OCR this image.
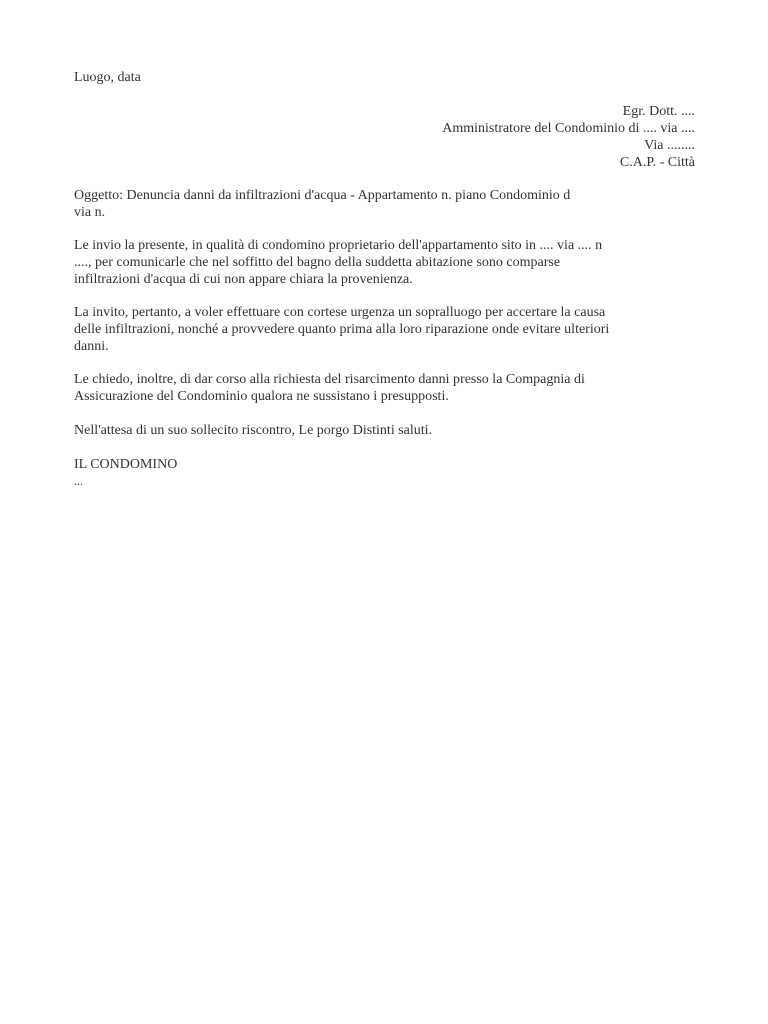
Luogo, data
Egr. Dott. ....
Amministratore del Condominio di .... via ....
Via ........
C.A.P. - Città
Oggetto: Denuncia danni da infiltrazioni d'acqua - Appartamento n. piano Condominio d
via n.
Le invio la presente, in qualità di condomino proprietario dell'appartamento sito in .... via .... n
...., per comunicarle che nel soffitto del bagno della suddetta abitazione sono comparse
infiltrazioni d'acqua di cui non appare chiara la provenienza.
La invito, pertanto, a voler effettuare con cortese urgenza un sopralluogo per accertare la causa
delle infiltrazioni, nonché a provvedere quanto prima alla loro riparazione onde evitare ulteriori
danni.
Le chiedo, inoltre, di dar corso alla richiesta del risarcimento danni presso la Compagnia di
Assicurazione del Condominio qualora ne sussistano i presupposti.
Nell'attesa di un suo sollecito riscontro, Le porgo Distinti saluti.
IL CONDOMINO
...
